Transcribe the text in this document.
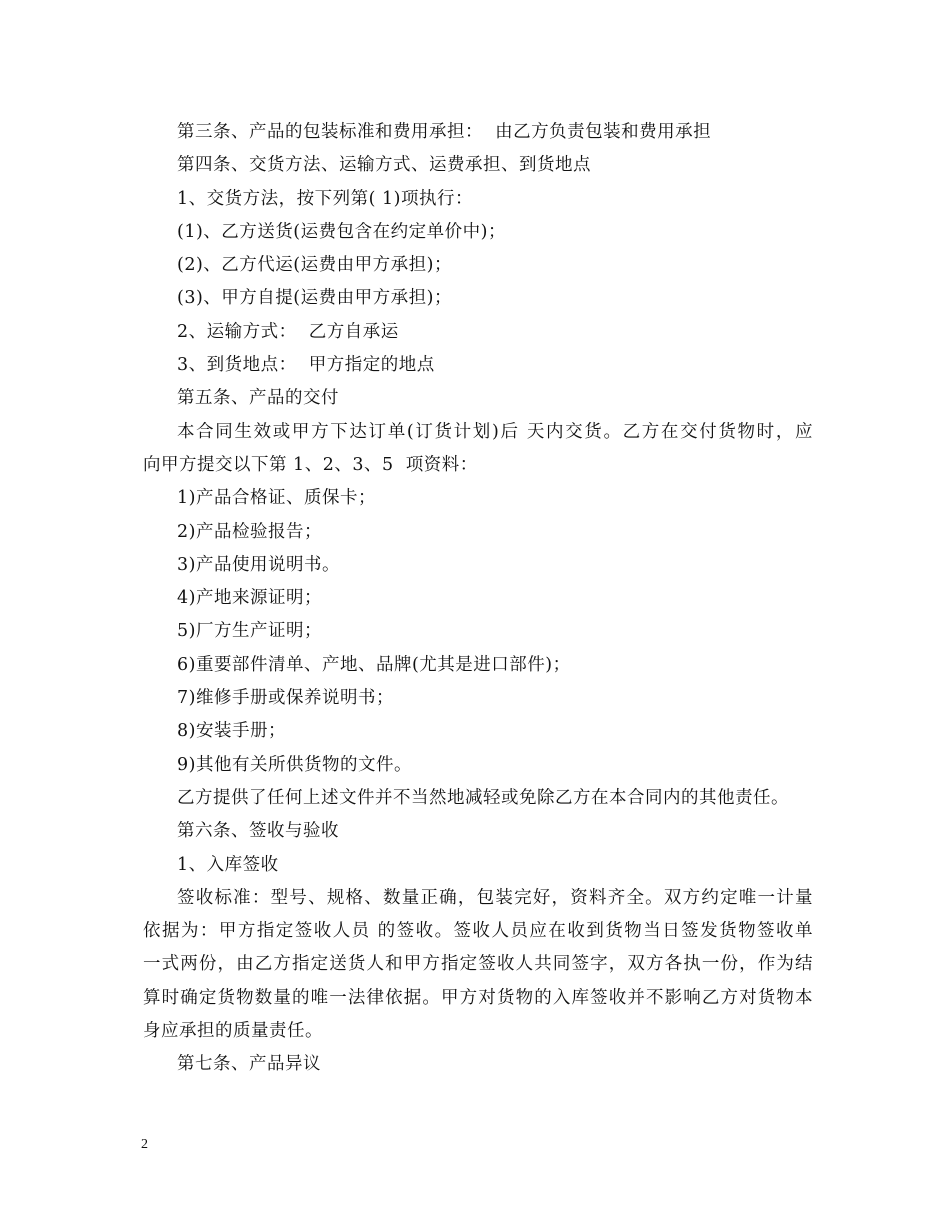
第三条、产品的包装标准和费用承担：  由乙方负责包装和费用承担
第四条、交货方法、运输方式、运费承担、到货地点
1、交货方法，按下列第( 1)项执行：
(1)、乙方送货(运费包含在约定单价中)；
(2)、乙方代运(运费由甲方承担)；
(3)、甲方自提(运费由甲方承担)；
2、运输方式：  乙方自承运
3、到货地点：  甲方指定的地点
第五条、产品的交付
本合同生效或甲方下达订单(订货计划)后 天内交货。乙方在交付货物时，应
向甲方提交以下第 1、2、3、5  项资料：
1)产品合格证、质保卡；
2)产品检验报告；
3)产品使用说明书。
4)产地来源证明；
5)厂方生产证明；
6)重要部件清单、产地、品牌(尤其是进口部件)；
7)维修手册或保养说明书；
8)安装手册；
9)其他有关所供货物的文件。
乙方提供了任何上述文件并不当然地减轻或免除乙方在本合同内的其他责任。
第六条、签收与验收
1、入库签收
签收标准：型号、规格、数量正确，包装完好，资料齐全。双方约定唯一计量
依据为：甲方指定签收人员 的签收。签收人员应在收到货物当日签发货物签收单
一式两份，由乙方指定送货人和甲方指定签收人共同签字，双方各执一份，作为结
算时确定货物数量的唯一法律依据。甲方对货物的入库签收并不影响乙方对货物本
身应承担的质量责任。
第七条、产品异议
2
